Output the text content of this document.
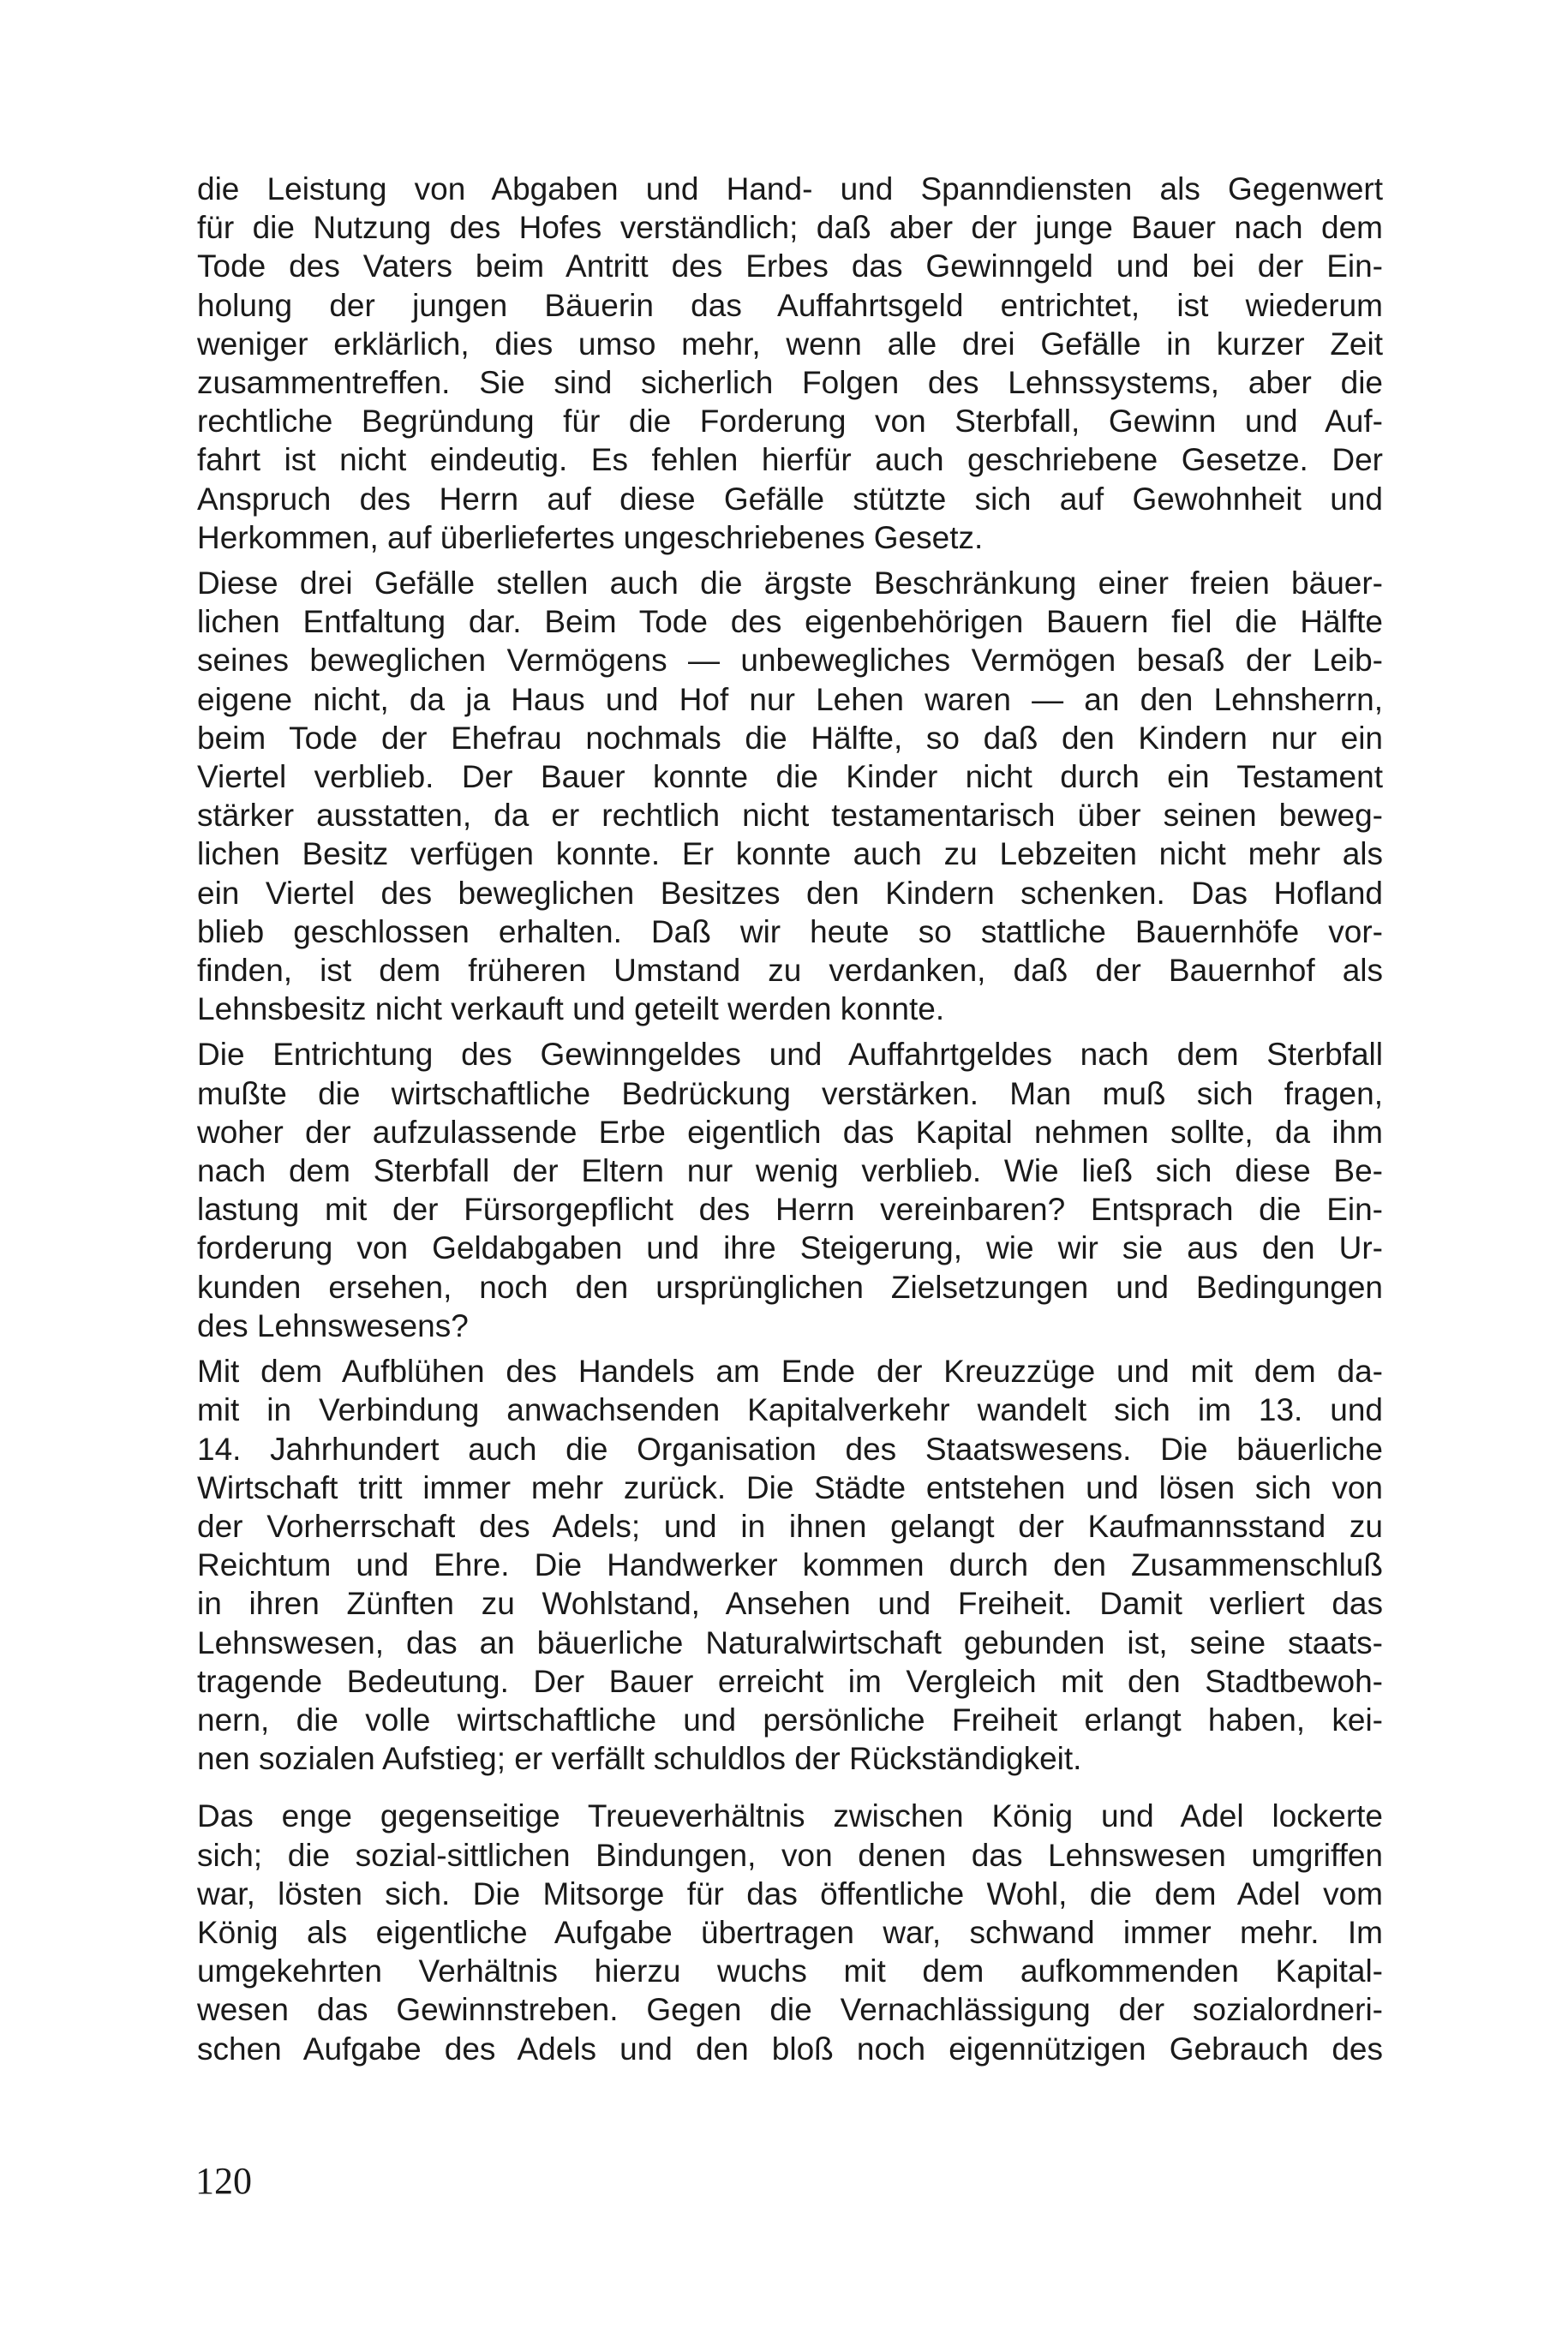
die Leistung von Abgaben und Hand- und Spanndiensten als Gegenwert
für die Nutzung des Hofes verständlich; daß aber der junge Bauer nach dem
Tode des Vaters beim Antritt des Erbes das Gewinngeld und bei der Ein-
holung der jungen Bäuerin das Auffahrtsgeld entrichtet, ist wiederum
weniger erklärlich, dies umso mehr, wenn alle drei Gefälle in kurzer Zeit
zusammentreffen. Sie sind sicherlich Folgen des Lehnssystems, aber die
rechtliche Begründung für die Forderung von Sterbfall, Gewinn und Auf-
fahrt ist nicht eindeutig. Es fehlen hierfür auch geschriebene Gesetze. Der
Anspruch des Herrn auf diese Gefälle stützte sich auf Gewohnheit und
Herkommen, auf überliefertes ungeschriebenes Gesetz.

Diese drei Gefälle stellen auch die ärgste Beschränkung einer freien bäuer-
lichen Entfaltung dar. Beim Tode des eigenbehörigen Bauern fiel die Hälfte
seines beweglichen Vermögens — unbewegliches Vermögen besaß der Leib-
eigene nicht, da ja Haus und Hof nur Lehen waren — an den Lehnsherrn,
beim Tode der Ehefrau nochmals die Hälfte, so daß den Kindern nur ein
Viertel verblieb. Der Bauer konnte die Kinder nicht durch ein Testament
stärker ausstatten, da er rechtlich nicht testamentarisch über seinen beweg-
lichen Besitz verfügen konnte. Er konnte auch zu Lebzeiten nicht mehr als
ein Viertel des beweglichen Besitzes den Kindern schenken. Das Hofland
blieb geschlossen erhalten. Daß wir heute so stattliche Bauernhöfe vor-
finden, ist dem früheren Umstand zu verdanken, daß der Bauernhof als
Lehnsbesitz nicht verkauft und geteilt werden konnte.

Die Entrichtung des Gewinngeldes und Auffahrtgeldes nach dem Sterbfall
mußte die wirtschaftliche Bedrückung verstärken. Man muß sich fragen,
woher der aufzulassende Erbe eigentlich das Kapital nehmen sollte, da ihm
nach dem Sterbfall der Eltern nur wenig verblieb. Wie ließ sich diese Be-
lastung mit der Fürsorgepflicht des Herrn vereinbaren? Entsprach die Ein-
forderung von Geldabgaben und ihre Steigerung, wie wir sie aus den Ur-
kunden ersehen, noch den ursprünglichen Zielsetzungen und Bedingungen
des Lehnswesens?

Mit dem Aufblühen des Handels am Ende der Kreuzzüge und mit dem da-
mit in Verbindung anwachsenden Kapitalverkehr wandelt sich im 13. und
14. Jahrhundert auch die Organisation des Staatswesens. Die bäuerliche
Wirtschaft tritt immer mehr zurück. Die Städte entstehen und lösen sich von
der Vorherrschaft des Adels; und in ihnen gelangt der Kaufmannsstand zu
Reichtum und Ehre. Die Handwerker kommen durch den Zusammenschluß
in ihren Zünften zu Wohlstand, Ansehen und Freiheit. Damit verliert das
Lehnswesen, das an bäuerliche Naturalwirtschaft gebunden ist, seine staats-
tragende Bedeutung. Der Bauer erreicht im Vergleich mit den Stadtbewoh-
nern, die volle wirtschaftliche und persönliche Freiheit erlangt haben, kei-
nen sozialen Aufstieg; er verfällt schuldlos der Rückständigkeit.

Das enge gegenseitige Treueverhältnis zwischen König und Adel lockerte
sich; die sozial-sittlichen Bindungen, von denen das Lehnswesen umgriffen
war, lösten sich. Die Mitsorge für das öffentliche Wohl, die dem Adel vom
König als eigentliche Aufgabe übertragen war, schwand immer mehr. Im
umgekehrten Verhältnis hierzu wuchs mit dem aufkommenden Kapital-
wesen das Gewinnstreben. Gegen die Vernachlässigung der sozialordneri-
schen Aufgabe des Adels und den bloß noch eigennützigen Gebrauch des

120
